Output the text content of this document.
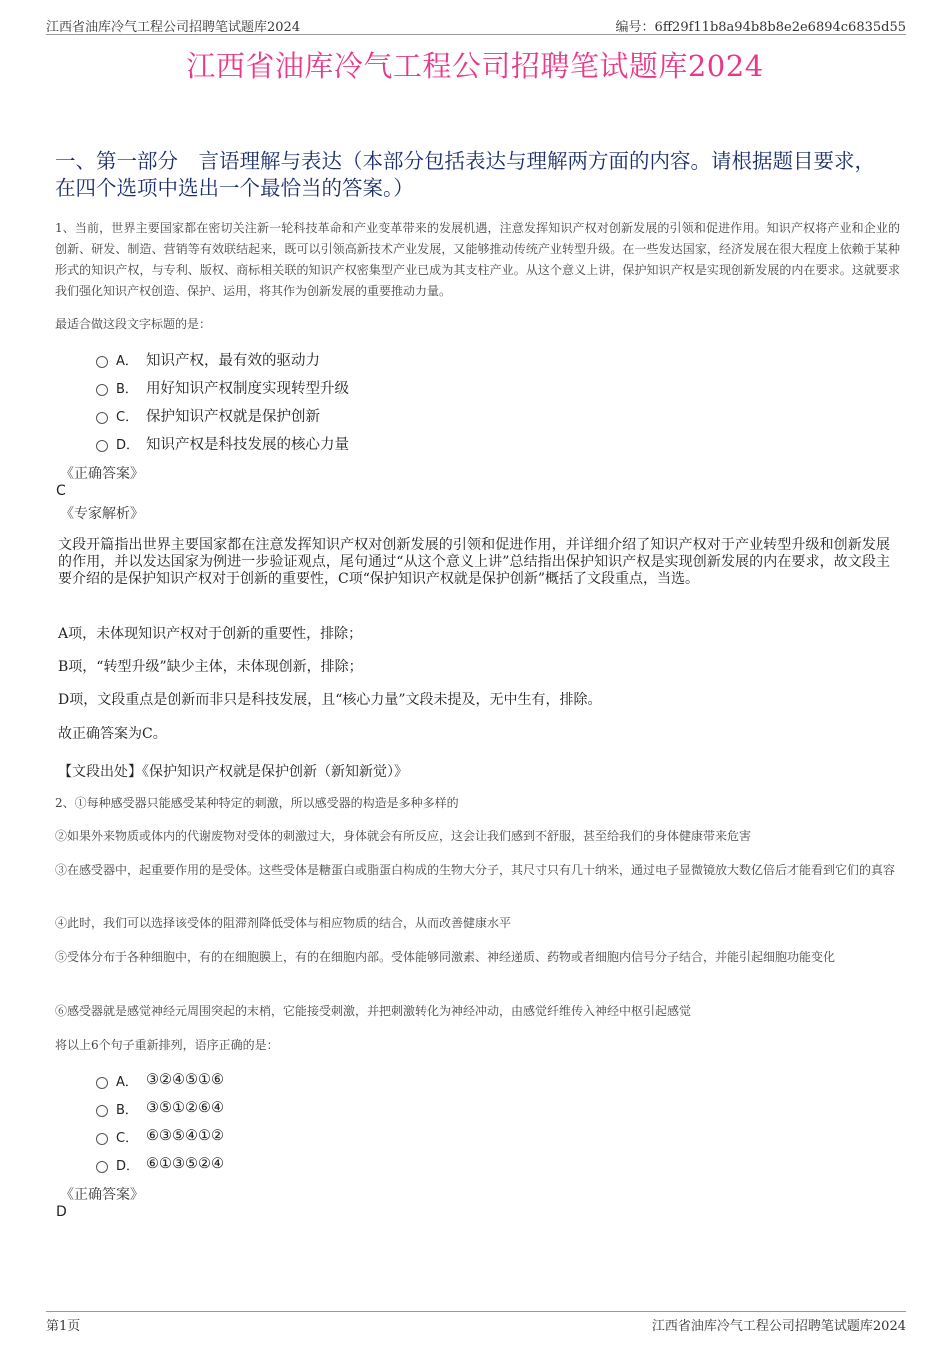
江西省油库冷气工程公司招聘笔试题库2024	编号：6ff29f11b8a94b8b8e2e6894c6835d55
江西省油库冷气工程公司招聘笔试题库2024
一、第一部分　言语理解与表达（本部分包括表达与理解两方面的内容。请根据题目要求，在四个选项中选出一个最恰当的答案。）
1、当前，世界主要国家都在密切关注新一轮科技革命和产业变革带来的发展机遇，注意发挥知识产权对创新发展的引领和促进作用。知识产权将产业和企业的创新、研发、制造、营销等有效联结起来，既可以引领高新技术产业发展，又能够推动传统产业转型升级。在一些发达国家，经济发展在很大程度上依赖于某种形式的知识产权，与专利、版权、商标相关联的知识产权密集型产业已成为其支柱产业。从这个意义上讲，保护知识产权是实现创新发展的内在要求。这就要求我们强化知识产权创造、保护、运用，将其作为创新发展的重要推动力量。
最适合做这段文字标题的是：
A． 知识产权，最有效的驱动力
B． 用好知识产权制度实现转型升级
C． 保护知识产权就是保护创新
D． 知识产权是科技发展的核心力量
《正确答案》
C
《专家解析》
文段开篇指出世界主要国家都在注意发挥知识产权对创新发展的引领和促进作用，并详细介绍了知识产权对于产业转型升级和创新发展的作用，并以发达国家为例进一步验证观点，尾句通过“从这个意义上讲”总结指出保护知识产权是实现创新发展的内在要求，故文段主要介绍的是保护知识产权对于创新的重要性，C项“保护知识产权就是保护创新”概括了文段重点，当选。
A项，未体现知识产权对于创新的重要性，排除；
B项，“转型升级”缺少主体，未体现创新，排除；
D项，文段重点是创新而非只是科技发展，且“核心力量”文段未提及，无中生有，排除。
故正确答案为C。
【文段出处】《保护知识产权就是保护创新（新知新觉）》
2、①每种感受器只能感受某种特定的刺激，所以感受器的构造是多种多样的
②如果外来物质或体内的代谢废物对受体的刺激过大，身体就会有所反应，这会让我们感到不舒服，甚至给我们的身体健康带来危害
③在感受器中，起重要作用的是受体。这些受体是糖蛋白或脂蛋白构成的生物大分子，其尺寸只有几十纳米，通过电子显微镜放大数亿倍后才能看到它们的真容
④此时，我们可以选择该受体的阻滞剂降低受体与相应物质的结合，从而改善健康水平
⑤受体分布于各种细胞中，有的在细胞膜上，有的在细胞内部。受体能够同激素、神经递质、药物或者细胞内信号分子结合，并能引起细胞功能变化
⑥感受器就是感觉神经元周围突起的末梢，它能接受刺激，并把刺激转化为神经冲动，由感觉纤维传入神经中枢引起感觉
将以上6个句子重新排列，语序正确的是：
A． ③②④⑤①⑥
B． ③⑤①②⑥④
C． ⑥③⑤④①②
D． ⑥①③⑤②④
《正确答案》
D
第1页	江西省油库冷气工程公司招聘笔试题库2024
